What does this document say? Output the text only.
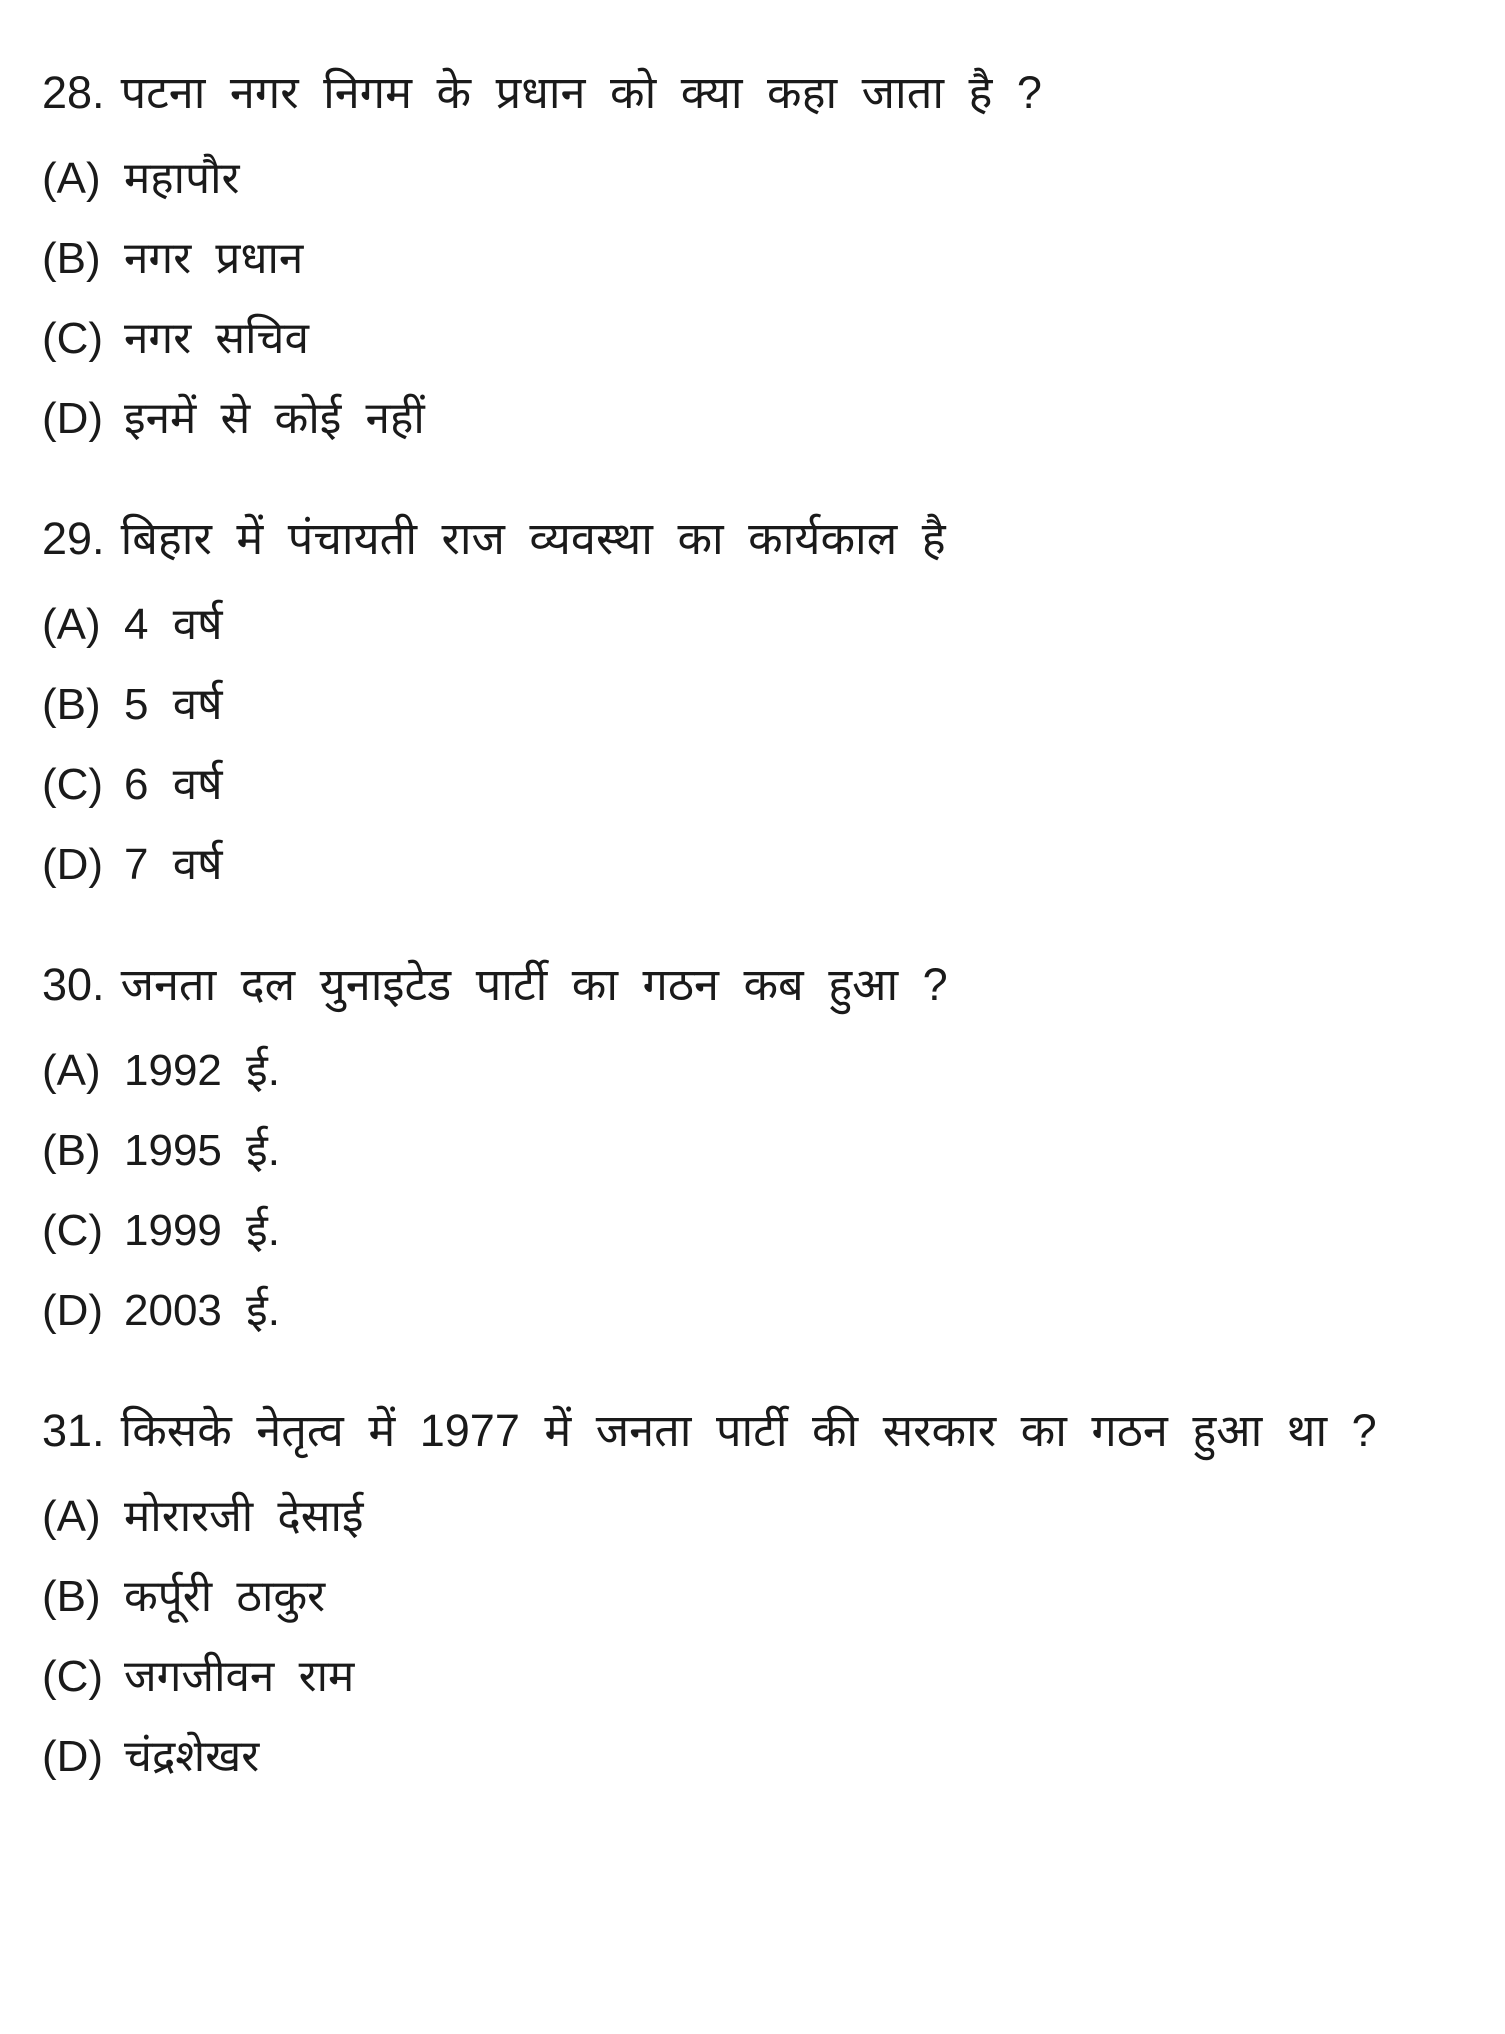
28. पटना नगर निगम के प्रधान को क्या कहा जाता है ?
(A) महापौर
(B) नगर प्रधान
(C) नगर सचिव
(D) इनमें से कोई नहीं
29. बिहार में पंचायती राज व्यवस्था का कार्यकाल है
(A) 4 वर्ष
(B) 5 वर्ष
(C) 6 वर्ष
(D) 7 वर्ष
30. जनता दल युनाइटेड पार्टी का गठन कब हुआ ?
(A) 1992 ई.
(B) 1995 ई.
(C) 1999 ई.
(D) 2003 ई.
31. किसके नेतृत्व में 1977 में जनता पार्टी की सरकार का गठन हुआ था ?
(A) मोरारजी देसाई
(B) कर्पूरी ठाकुर
(C) जगजीवन राम
(D) चंद्रशेखर
